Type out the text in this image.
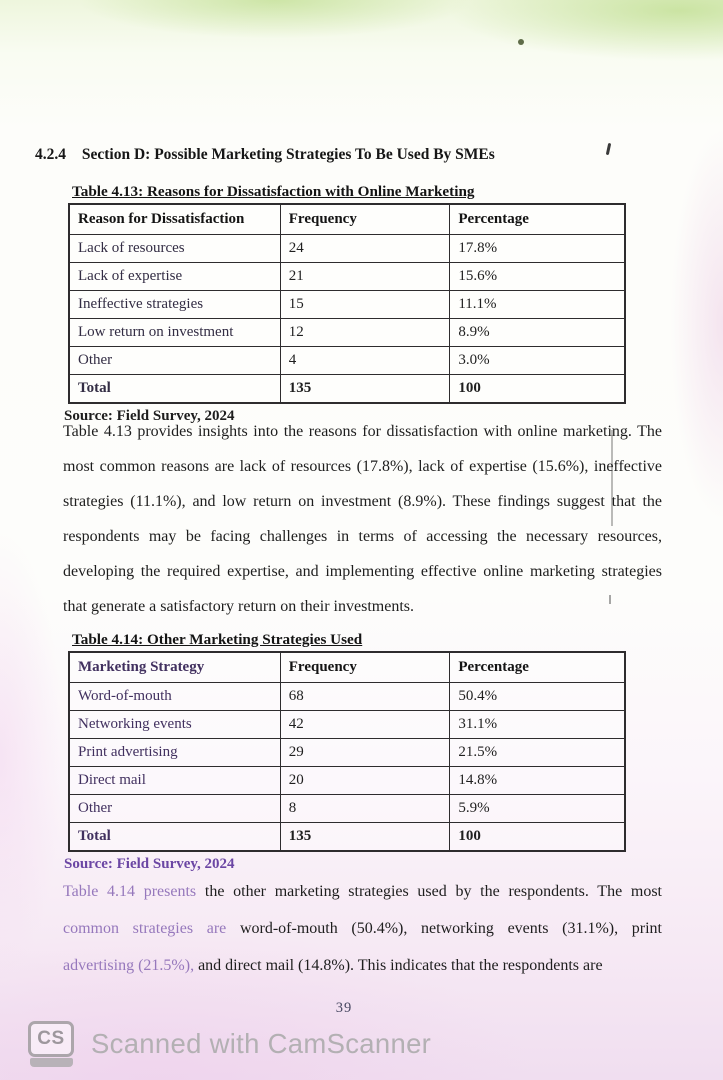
4.2.4 Section D: Possible Marketing Strategies To Be Used By SMEs
Table 4.13: Reasons for Dissatisfaction with Online Marketing
Reason for Dissatisfaction	Frequency	Percentage
Lack of resources	24	17.8%
Lack of expertise	21	15.6%
Ineffective strategies	15	11.1%
Low return on investment	12	8.9%
Other	4	3.0%
Total	135	100
Source: Field Survey, 2024
Table 4.13 provides insights into the reasons for dissatisfaction with online marketing. The
most common reasons are lack of resources (17.8%), lack of expertise (15.6%), ineffective
strategies (11.1%), and low return on investment (8.9%). These findings suggest that the
respondents may be facing challenges in terms of accessing the necessary resources,
developing the required expertise, and implementing effective online marketing strategies
that generate a satisfactory return on their investments.
Table 4.14: Other Marketing Strategies Used
Marketing Strategy	Frequency	Percentage
Word-of-mouth	68	50.4%
Networking events	42	31.1%
Print advertising	29	21.5%
Direct mail	20	14.8%
Other	8	5.9%
Total	135	100
Source: Field Survey, 2024
Table 4.14 presents the other marketing strategies used by the respondents. The most
common strategies are word-of-mouth (50.4%), networking events (31.1%), print
advertising (21.5%), and direct mail (14.8%). This indicates that the respondents are
39
CS Scanned with CamScanner
